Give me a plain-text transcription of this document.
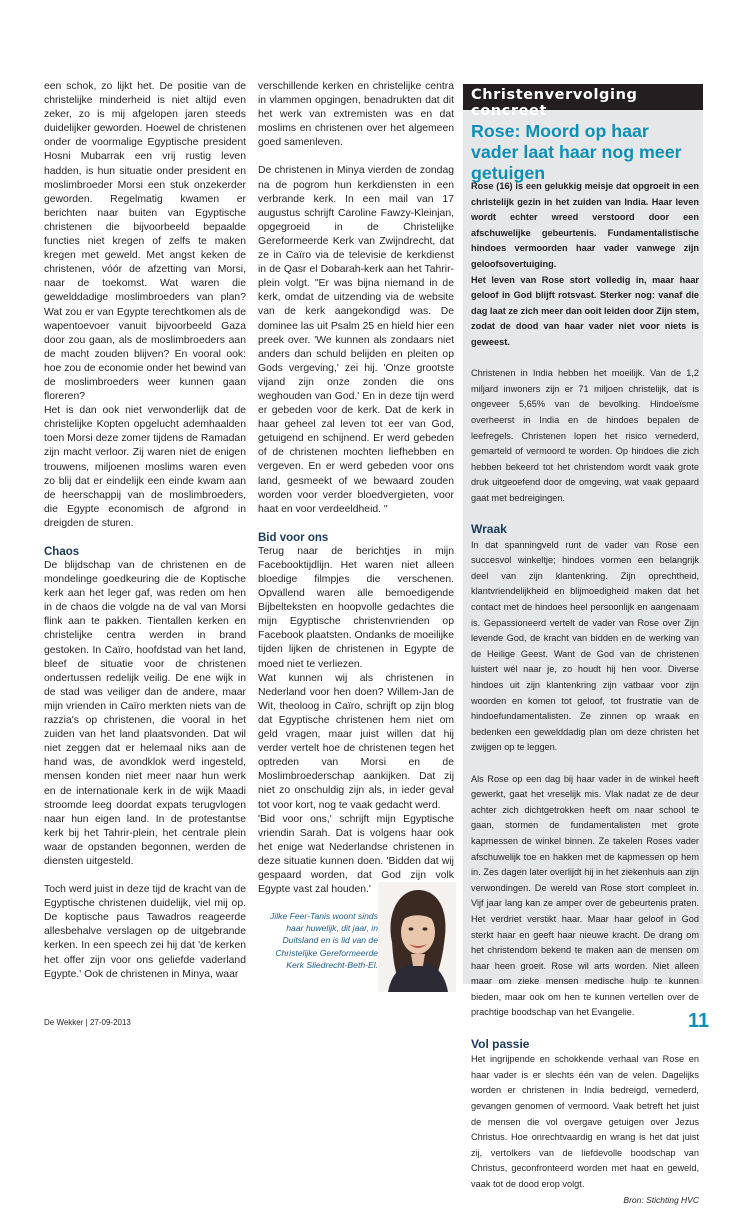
een schok, zo lijkt het. De positie van de christelijke minderheid is niet altijd even zeker, zo is mij afgelopen jaren steeds duidelijker geworden. Hoewel de christenen onder de voormalige Egyptische president Hosni Mubarrak een vrij rustig leven hadden, is hun situatie onder president en moslimbroeder Morsi een stuk onzekerder geworden. Regelmatig kwamen er berichten naar buiten van Egyptische christenen die bijvoorbeeld bepaalde functies niet kregen of zelfs te maken kregen met geweld. Met angst keken de christenen, vóór de afzetting van Morsi, naar de toekomst. Wat waren die gewelddadige moslimbroeders van plan? Wat zou er van Egypte terechtkomen als de wapentoevoer vanuit bijvoorbeeld Gaza door zou gaan, als de moslimbroeders aan de macht zouden blijven? En vooral ook: hoe zou de economie onder het bewind van de moslimbroeders weer kunnen gaan floreren?

Het is dan ook niet verwonderlijk dat de christelijke Kopten opgelucht ademhaalden toen Morsi deze zomer tijdens de Ramadan zijn macht verloor. Zij waren niet de enigen trouwens, miljoenen moslims waren even zo blij dat er eindelijk een einde kwam aan de heerschappij van de moslimbroeders, die Egypte economisch de afgrond in dreigden de sturen.

Chaos

De blijdschap van de christenen en de mondelinge goedkeuring die de Koptische kerk aan het leger gaf, was reden om hen in de chaos die volgde na de val van Morsi flink aan te pakken. Tientallen kerken en christelijke centra werden in brand gestoken. In Caïro, hoofdstad van het land, bleef de situatie voor de christenen ondertussen redelijk veilig. De ene wijk in de stad was veiliger dan de andere, maar mijn vrienden in Caïro merkten niets van de razzia's op christenen, die vooral in het zuiden van het land plaatsvonden. Dat wil niet zeggen dat er helemaal niks aan de hand was, de avondklok werd ingesteld, mensen konden niet meer naar hun werk en de internationale kerk in de wijk Maadi stroomde leeg doordat expats terugvlogen naar hun eigen land. In de protestantse kerk bij het Tahrir-plein, het centrale plein waar de opstanden begonnen, werden de diensten uitgesteld.

Toch werd juist in deze tijd de kracht van de Egyptische christenen duidelijk, viel mij op. De koptische paus Tawadros reageerde allesbehalve verslagen op de uitgebrande kerken. In een speech zei hij dat 'de kerken het offer zijn voor ons geliefde vaderland Egypte.' Ook de christenen in Minya, waar

verschillende kerken en christelijke centra in vlammen opgingen, benadrukten dat dit het werk van extremisten was en dat moslims en christenen over het algemeen goed samenleven.

De christenen in Minya vierden de zondag na de pogrom hun kerkdiensten in een verbrande kerk. In een mail van 17 augustus schrijft Caroline Fawzy-Kleinjan, opgegroeid in de Christelijke Gereformeerde Kerk van Zwijndrecht, dat ze in Caïro via de televisie de kerkdienst in de Qasr el Dobarah-kerk aan het Tahrir-plein volgt. "Er was bijna niemand in de kerk, omdat de uitzending via de website van de kerk aangekondigd was. De dominee las uit Psalm 25 en hield hier een preek over. 'We kunnen als zondaars niet anders dan schuld belijden en pleiten op Gods vergeving,' zei hij. 'Onze grootste vijand zijn onze zonden die ons weghouden van God.' En in deze tijn werd er gebeden voor de kerk. Dat de kerk in haar geheel zal leven tot eer van God, getuigend en schijnend. Er werd gebeden of de christenen mochten liefhebben en vergeven. En er werd gebeden voor ons land, gesmeekt of we bewaard zouden worden voor verder bloedvergieten, voor haat en voor verdeeldheid. "

Bid voor ons

Terug naar de berichtjes in mijn Facebooktijdlijn. Het waren niet alleen bloedige filmpjes die verschenen. Opvallend waren alle bemoedigende Bijbelteksten en hoopvolle gedachtes die mijn Egyptische christenvrienden op Facebook plaatsten. Ondanks de moeilijke tijden lijken de christenen in Egypte de moed niet te verliezen.

Wat kunnen wij als christenen in Nederland voor hen doen? Willem-Jan de Wit, theoloog in Caïro, schrijft op zijn blog dat Egyptische christenen hem niet om geld vragen, maar juist willen dat hij verder vertelt hoe de christenen tegen het optreden van Morsi en de Moslimbroederschap aankijken. Dat zij niet zo onschuldig zijn als, in ieder geval tot voor kort, nog te vaak gedacht werd.

'Bid voor ons,' schrijft mijn Egyptische vriendin Sarah. Dat is volgens haar ook het enige wat Nederlandse christenen in deze situatie kunnen doen. 'Bidden dat wij gespaard worden, dat God zijn volk Egypte vast zal houden.'

Jilke Feer-Tanis woont sinds haar huwelijk, dit jaar, in Duitsland en is lid van de Christelijke Gereformeerde Kerk Sliedrecht-Beth-El.
Christenvervolging concreet
Rose: Moord op haar vader laat haar nog meer getuigen

Rose (16) is een gelukkig meisje dat opgroeit in een christelijk gezin in het zuiden van India. Haar leven wordt echter wreed verstoord door een afschuwelijke gebeurtenis. Fundamentalistische hindoes vermoorden haar vader vanwege zijn geloofsovertuiging.

Het leven van Rose stort volledig in, maar haar geloof in God blijft rotsvast. Sterker nog: vanaf die dag laat ze zich meer dan ooit leiden door Zijn stem, zodat de dood van haar vader niet voor niets is geweest.

Christenen in India hebben het moeilijk. Van de 1,2 miljard inwoners zijn er 71 miljoen christelijk, dat is ongeveer 5,65% van de bevolking. Hindoeïsme overheerst in India en de hindoes bepalen de leefregels. Christenen lopen het risico vernederd, gemarteld of vermoord te worden. Op hindoes die zich hebben bekeerd tot het christendom wordt vaak grote druk uitgeoefend door de omgeving, wat vaak gepaard gaat met bedreigingen.

Wraak

In dat spanningveld runt de vader van Rose een succesvol winkeltje; hindoes vormen een belangrijk deel van zijn klantenkring. Zijn oprechtheid, klantvriendelijkheid en blijmoedigheid maken dat het contact met de hindoes heel persoonlijk en aangenaam is. Gepassioneerd vertelt de vader van Rose over Zijn levende God, de kracht van bidden en de werking van de Heilige Geest. Want de God van de christenen luistert wél naar je, zo houdt hij hen voor. Diverse hindoes uit zijn klantenkring zijn vatbaar voor zijn woorden en komen tot geloof, tot frustratie van de hindoefundamentalisten. Ze zinnen op wraak en bedenken een gewelddadig plan om deze christen het zwijgen op te leggen.

Als Rose op een dag bij haar vader in de winkel heeft gewerkt, gaat het vreselijk mis. Vlak nadat ze de deur achter zich dichtgetrokken heeft om naar school te gaan, stormen de fundamentalisten met grote kapmessen de winkel binnen. Ze takelen Roses vader afschuwelijk toe en hakken met de kapmessen op hem in. Zes dagen later overlijdt hij in het ziekenhuis aan zijn verwondingen. De wereld van Rose stort compleet in. Vijf jaar lang kan ze amper over de gebeurtenis praten. Het verdriet verstikt haar. Maar haar geloof in God sterkt haar en geeft haar nieuwe kracht. De drang om het christendom bekend te maken aan de mensen om haar heen groeit. Rose wil arts worden. Niet alleen maar om zieke mensen medische hulp te kunnen bieden, maar ook om hen te kunnen vertellen over de prachtige boodschap van het Evangelie.

Vol passie

Het ingrijpende en schokkende verhaal van Rose en haar vader is er slechts één van de velen. Dagelijks worden er christenen in India bedreigd, vernederd, gevangen genomen of vermoord. Vaak betreft het juist de mensen die vol overgave getuigen over Jezus Christus. Hoe onrechtvaardig en wrang is het dat juist zij, vertolkers van de liefdevolle boodschap van Christus, geconfronteerd worden met haat en geweld, vaak tot de dood erop volgt.

Bron: Stichting HVC

De Wekker | 27-09-2013	11
